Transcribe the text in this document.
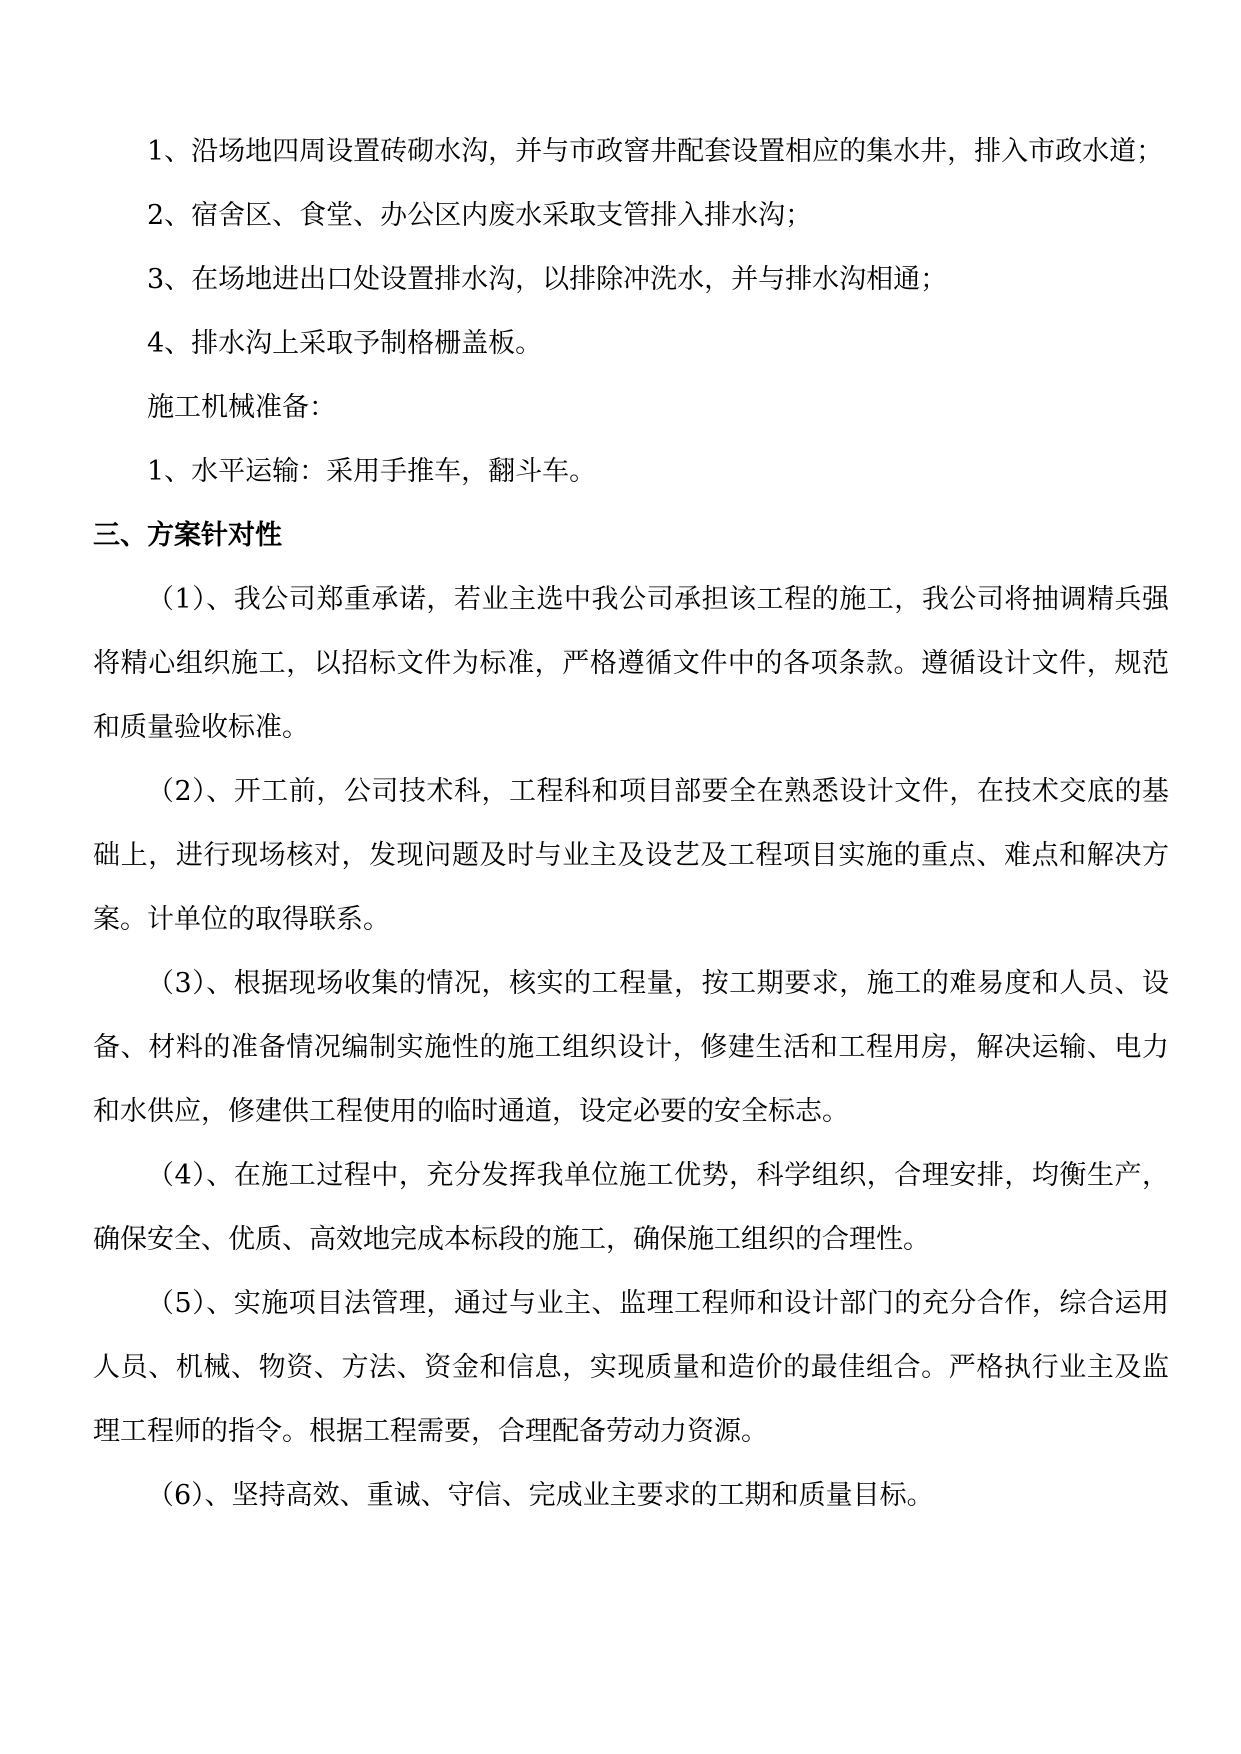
1、沿场地四周设置砖砌水沟，并与市政窨井配套设置相应的集水井，排入市政水道；

2、宿舍区、食堂、办公区内废水采取支管排入排水沟；

3、在场地进出口处设置排水沟，以排除冲洗水，并与排水沟相通；

4、排水沟上采取予制格栅盖板。

施工机械准备：

1、水平运输：采用手推车，翻斗车。

三、方案针对性

（1）、我公司郑重承诺，若业主选中我公司承担该工程的施工，我公司将抽调精兵强将精心组织施工，以招标文件为标准，严格遵循文件中的各项条款。遵循设计文件，规范和质量验收标准。

（2）、开工前，公司技术科，工程科和项目部要全在熟悉设计文件，在技术交底的基础上，进行现场核对，发现问题及时与业主及设艺及工程项目实施的重点、难点和解决方案。计单位的取得联系。

（3）、根据现场收集的情况，核实的工程量，按工期要求，施工的难易度和人员、设备、材料的准备情况编制实施性的施工组织设计，修建生活和工程用房，解决运输、电力和水供应，修建供工程使用的临时通道，设定必要的安全标志。

（4）、在施工过程中，充分发挥我单位施工优势，科学组织，合理安排，均衡生产，确保安全、优质、高效地完成本标段的施工，确保施工组织的合理性。

（5）、实施项目法管理，通过与业主、监理工程师和设计部门的充分合作，综合运用人员、机械、物资、方法、资金和信息，实现质量和造价的最佳组合。严格执行业主及监理工程师的指令。根据工程需要，合理配备劳动力资源。

（6）、坚持高效、重诚、守信、完成业主要求的工期和质量目标。
